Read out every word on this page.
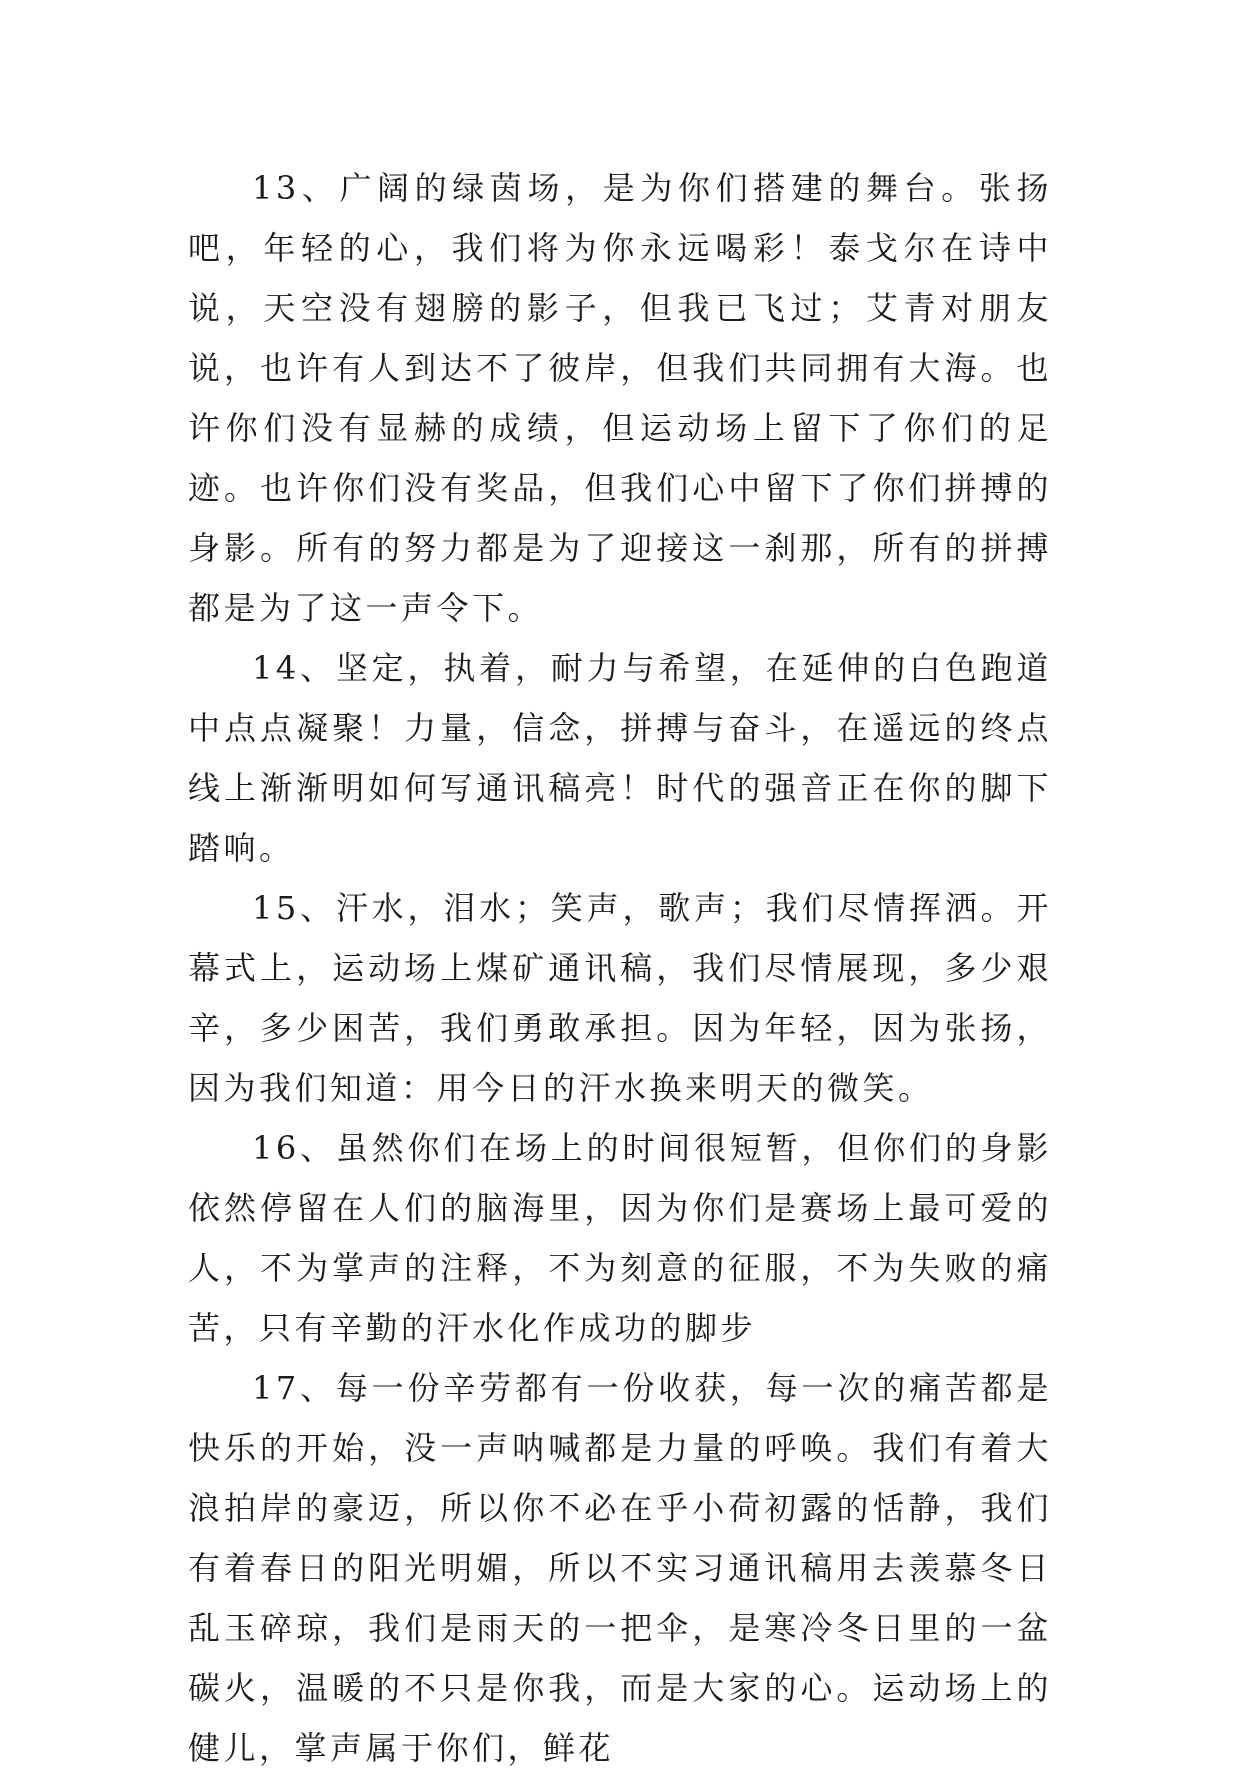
13、广阔的绿茵场，是为你们搭建的舞台。张扬吧，年轻的心，我们将为你永远喝彩！泰戈尔在诗中说，天空没有翅膀的影子，但我已飞过；艾青对朋友说，也许有人到达不了彼岸，但我们共同拥有大海。也许你们没有显赫的成绩，但运动场上留下了你们的足迹。也许你们没有奖品，但我们心中留下了你们拼搏的身影。所有的努力都是为了迎接这一刹那，所有的拼搏都是为了这一声令下。

14、坚定，执着，耐力与希望，在延伸的白色跑道中点点凝聚！力量，信念，拼搏与奋斗，在遥远的终点线上渐渐明如何写通讯稿亮！时代的强音正在你的脚下踏响。

15、汗水，泪水；笑声，歌声；我们尽情挥洒。开幕式上，运动场上煤矿通讯稿，我们尽情展现，多少艰辛，多少困苦，我们勇敢承担。因为年轻，因为张扬，因为我们知道：用今日的汗水换来明天的微笑。

16、虽然你们在场上的时间很短暂，但你们的身影依然停留在人们的脑海里，因为你们是赛场上最可爱的人，不为掌声的注释，不为刻意的征服，不为失败的痛苦，只有辛勤的汗水化作成功的脚步

17、每一份辛劳都有一份收获，每一次的痛苦都是快乐的开始，没一声呐喊都是力量的呼唤。我们有着大浪拍岸的豪迈，所以你不必在乎小荷初露的恬静，我们有着春日的阳光明媚，所以不实习通讯稿用去羡慕冬日乱玉碎琼，我们是雨天的一把伞，是寒冷冬日里的一盆碳火，温暖的不只是你我，而是大家的心。运动场上的健儿，掌声属于你们，鲜花
